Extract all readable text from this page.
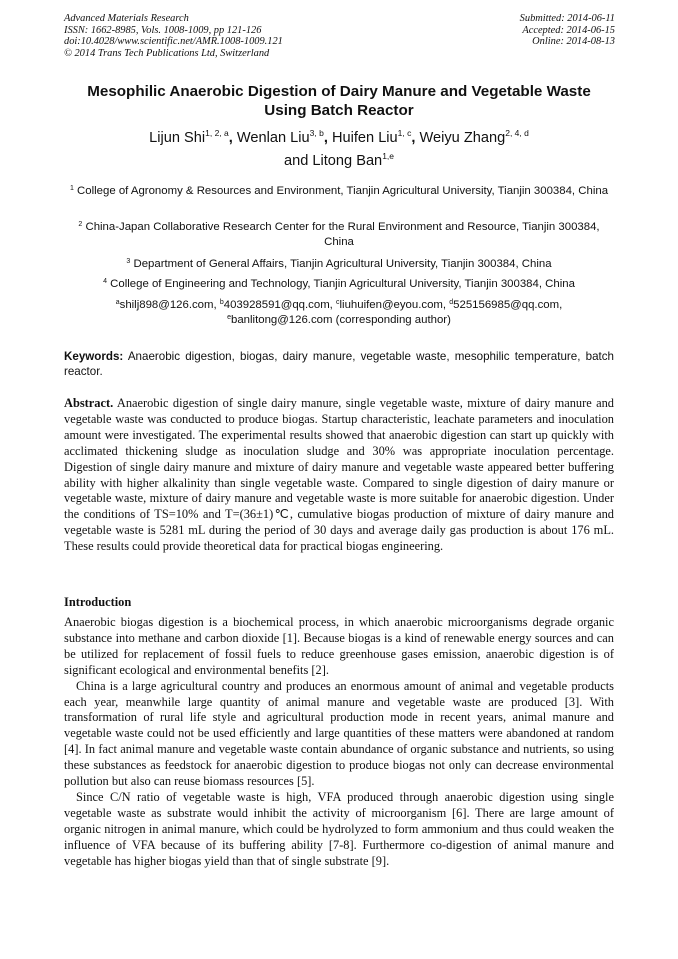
Advanced Materials Research
ISSN: 1662-8985, Vols. 1008-1009, pp 121-126
doi:10.4028/www.scientific.net/AMR.1008-1009.121
© 2014 Trans Tech Publications Ltd, Switzerland
Submitted: 2014-06-11
Accepted: 2014-06-15
Online: 2014-08-13
Mesophilic Anaerobic Digestion of Dairy Manure and Vegetable Waste
Using Batch Reactor
Lijun Shi$^{1, 2, a}$, Wenlan Liu$^{3, b}$, Huifen Liu$^{1, c}$, Weiyu Zhang$^{2, 4, d}$
and Litong Ban$^{1,e}$
$^1$ College of Agronomy & Resources and Environment, Tianjin Agricultural University, Tianjin 300384, China
$^2$ China-Japan Collaborative Research Center for the Rural Environment and Resource, Tianjin 300384, China
$^3$ Department of General Affairs, Tianjin Agricultural University, Tianjin 300384, China
$^4$ College of Engineering and Technology, Tianjin Agricultural University, Tianjin 300384, China
$^a$shilj898@126.com, $^b$403928591@qq.com, $^c$liuhuifen@eyou.com, $^d$525156985@qq.com,
$^e$banlitong@126.com (corresponding author)
Keywords: Anaerobic digestion, biogas, dairy manure, vegetable waste, mesophilic temperature, batch reactor.
Abstract. Anaerobic digestion of single dairy manure, single vegetable waste, mixture of dairy manure and vegetable waste was conducted to produce biogas. Startup characteristic, leachate parameters and inoculation amount were investigated. The experimental results showed that anaerobic digestion can start up quickly with acclimated thickening sludge as inoculation sludge and 30% was appropriate inoculation percentage. Digestion of single dairy manure and mixture of dairy manure and vegetable waste appeared better buffering ability with higher alkalinity than single vegetable waste. Compared to single digestion of dairy manure or vegetable waste, mixture of dairy manure and vegetable waste is more suitable for anaerobic digestion. Under the conditions of TS=10% and T=(36±1)℃, cumulative biogas production of mixture of dairy manure and vegetable waste is 5281 mL during the period of 30 days and average daily gas production is about 176 mL. These results could provide theoretical data for practical biogas engineering.
Introduction

Anaerobic biogas digestion is a biochemical process, in which anaerobic microorganisms degrade organic substance into methane and carbon dioxide [1]. Because biogas is a kind of renewable energy sources and can be utilized for replacement of fossil fuels to reduce greenhouse gases emission, anaerobic digestion is of significant ecological and environmental benefits [2].

China is a large agricultural country and produces an enormous amount of animal and vegetable products each year, meanwhile large quantity of animal manure and vegetable waste are produced [3]. With transformation of rural life style and agricultural production mode in recent years, animal manure and vegetable waste could not be used efficiently and large quantities of these matters were abandoned at random [4]. In fact animal manure and vegetable waste contain abundance of organic substance and nutrients, so using these substances as feedstock for anaerobic digestion to produce biogas not only can decrease environmental pollution but also can reuse biomass resources [5].

Since C/N ratio of vegetable waste is high, VFA produced through anaerobic digestion using single vegetable waste as substrate would inhibit the activity of microorganism [6]. There are large amount of organic nitrogen in animal manure, which could be hydrolyzed to form ammonium and thus could weaken the influence of VFA because of its buffering ability [7-8]. Furthermore co-digestion of animal manure and vegetable has higher biogas yield than that of single substrate [9].
